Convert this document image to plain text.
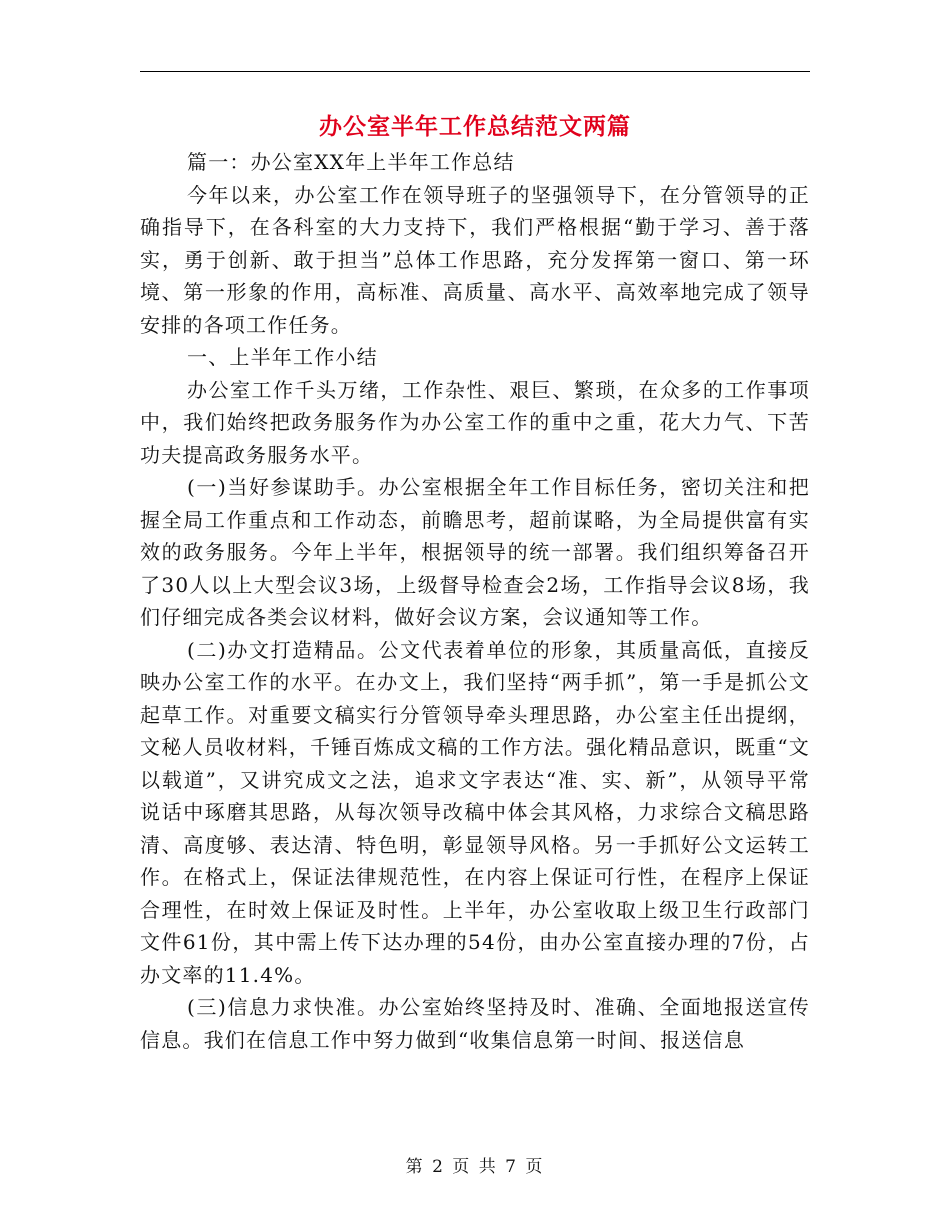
办公室半年工作总结范文两篇

篇一：办公室XX年上半年工作总结

今年以来，办公室工作在领导班子的坚强领导下，在分管领导的正确指导下，在各科室的大力支持下，我们严格根据“勤于学习、善于落实，勇于创新、敢于担当”总体工作思路，充分发挥第一窗口、第一环境、第一形象的作用，高标准、高质量、高水平、高效率地完成了领导安排的各项工作任务。

一、上半年工作小结

办公室工作千头万绪，工作杂性、艰巨、繁琐，在众多的工作事项中，我们始终把政务服务作为办公室工作的重中之重，花大力气、下苦功夫提高政务服务水平。

(一)当好参谋助手。办公室根据全年工作目标任务，密切关注和把握全局工作重点和工作动态，前瞻思考，超前谋略，为全局提供富有实效的政务服务。今年上半年，根据领导的统一部署。我们组织筹备召开了30人以上大型会议3场，上级督导检查会2场，工作指导会议8场，我们仔细完成各类会议材料，做好会议方案，会议通知等工作。

(二)办文打造精品。公文代表着单位的形象，其质量高低，直接反映办公室工作的水平。在办文上，我们坚持“两手抓”，第一手是抓公文起草工作。对重要文稿实行分管领导牵头理思路，办公室主任出提纲，文秘人员收材料，千锤百炼成文稿的工作方法。强化精品意识，既重“文以载道”，又讲究成文之法，追求文字表达“准、实、新”，从领导平常说话中琢磨其思路，从每次领导改稿中体会其风格，力求综合文稿思路清、高度够、表达清、特色明，彰显领导风格。另一手抓好公文运转工作。在格式上，保证法律规范性，在内容上保证可行性，在程序上保证合理性，在时效上保证及时性。上半年，办公室收取上级卫生行政部门文件61份，其中需上传下达办理的54份，由办公室直接办理的7份，占办文率的11.4%。

(三)信息力求快准。办公室始终坚持及时、准确、全面地报送宣传信息。我们在信息工作中努力做到“收集信息第一时间、报送信息

第 2 页 共 7 页
